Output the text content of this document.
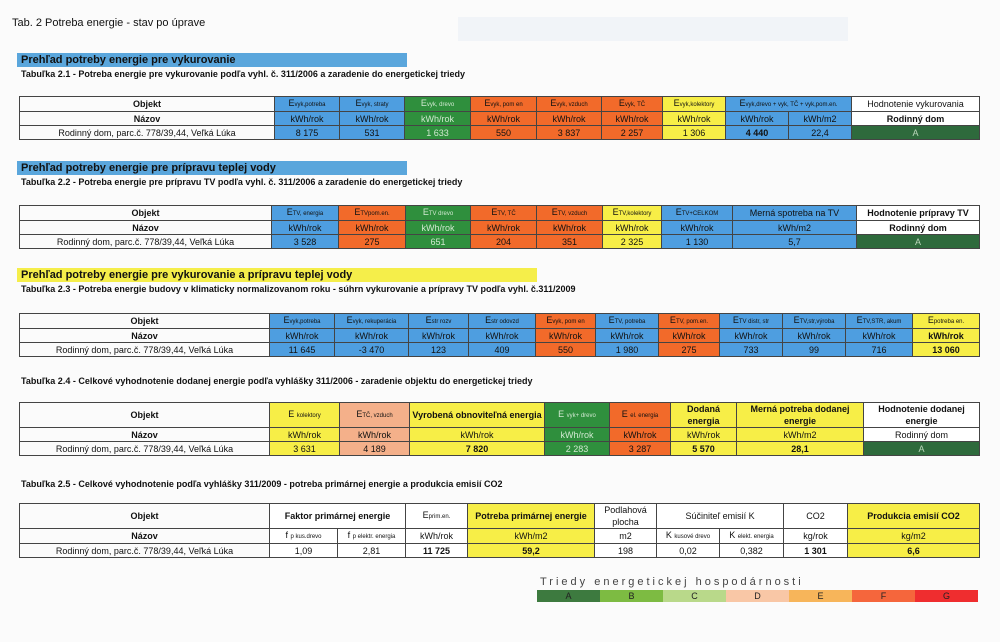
Tab. 2 Potreba energie - stav po úprave
Prehľad potreby energie pre vykurovanie
Tabuľka 2.1 - Potreba energie pre vykurovanie podľa vyhl. č. 311/2006 a zaradenie do energetickej triedy
Objekt	Evyk,potreba	Evyk, straty	Evyk, drevo	Evyk, pom en	Evyk, vzduch	Evyk, TČ	Evyk,kolektory	Evyk,drevo + vyk, TČ + vyk,pom.en.		Hodnotenie vykurovania
Názov	kWh/rok	kWh/rok	kWh/rok	kWh/rok	kWh/rok	kWh/rok	kWh/rok	kWh/rok	kWh/m2	Rodinný dom
Rodinný dom, parc.č. 778/39,44, Veľká Lúka	8 175	531	1 633	550	3 837	2 257	1 306	4 440	22,4	A
Prehľad potreby energie pre prípravu teplej vody
Tabuľka 2.2 - Potreba energie pre prípravu TV podľa vyhl. č. 311/2006 a zaradenie do energetickej triedy
Objekt	ETV, energia	ETVpom.en.	ETV drevo	ETV, TČ	ETV, vzduch	ETV,kolektory	ETV+CELKOM	Merná spotreba na TV	Hodnotenie prípravy TV
Názov	kWh/rok	kWh/rok	kWh/rok	kWh/rok	kWh/rok	kWh/rok	kWh/rok	kWh/m2	Rodinný dom
Rodinný dom, parc.č. 778/39,44, Veľká Lúka	3 528	275	651	204	351	2 325	1 130	5,7	A
Prehľad potreby energie pre vykurovanie a prípravu teplej vody
Tabuľka 2.3 - Potreba energie budovy v klimaticky normalizovanom roku - súhrn vykurovanie a prípravy TV podľa vyhl. č.311/2009
Objekt	Evyk,potreba	Evyk, rekuperácia	Estr rozv	Estr odovzd	Evyk, pom en	ETV, potreba	ETV, pom.en.	ETV distr, str	ETV,str,výroba	ETV,STR, akum	Epotreba en.
Názov	kWh/rok	kWh/rok	kWh/rok	kWh/rok	kWh/rok	kWh/rok	kWh/rok	kWh/rok	kWh/rok	kWh/rok	kWh/rok
Rodinný dom, parc.č. 778/39,44, Veľká Lúka	11 645	-3 470	123	409	550	1 980	275	733	99	716	13 060
Tabuľka 2.4 - Celkové vyhodnotenie dodanej energie podľa vyhlášky 311/2006 - zaradenie objektu do energetickej triedy
Objekt	E kolektory	ETČ, vzduch	Vyrobená obnoviteľná energia	E vyk+ drevo	E el. energia	Dodaná energia	Merná potreba dodanej energie	Hodnotenie dodanej energie
Názov	kWh/rok	kWh/rok	kWh/rok	kWh/rok	kWh/rok	kWh/rok	kWh/m2	Rodinný dom
Rodinný dom, parc.č. 778/39,44, Veľká Lúka	3 631	4 189	7 820	2 283	3 287	5 570	28,1	A
Tabuľka 2.5 - Celkové vyhodnotenie podľa vyhlášky 311/2009 - potreba primárnej energie a produkcia emisií CO2
Objekt	Faktor primárnej energie		Eprim.en.	Potreba primárnej energie	Podlahová plocha	Súčiniteľ emisií K		CO2	Produkcia emisií CO2
Názov	f p kus.drevo	f p elektr. energia	kWh/rok	kWh/m2	m2	K kusové drevo	K elekt. energia	kg/rok	kg/m2
Rodinný dom, parc.č. 778/39,44, Veľká Lúka	1,09	2,81	11 725	59,2	198	0,02	0,382	1 301	6,6
Triedy energetickej hospodárnosti
A	B	C	D	E	F	G
